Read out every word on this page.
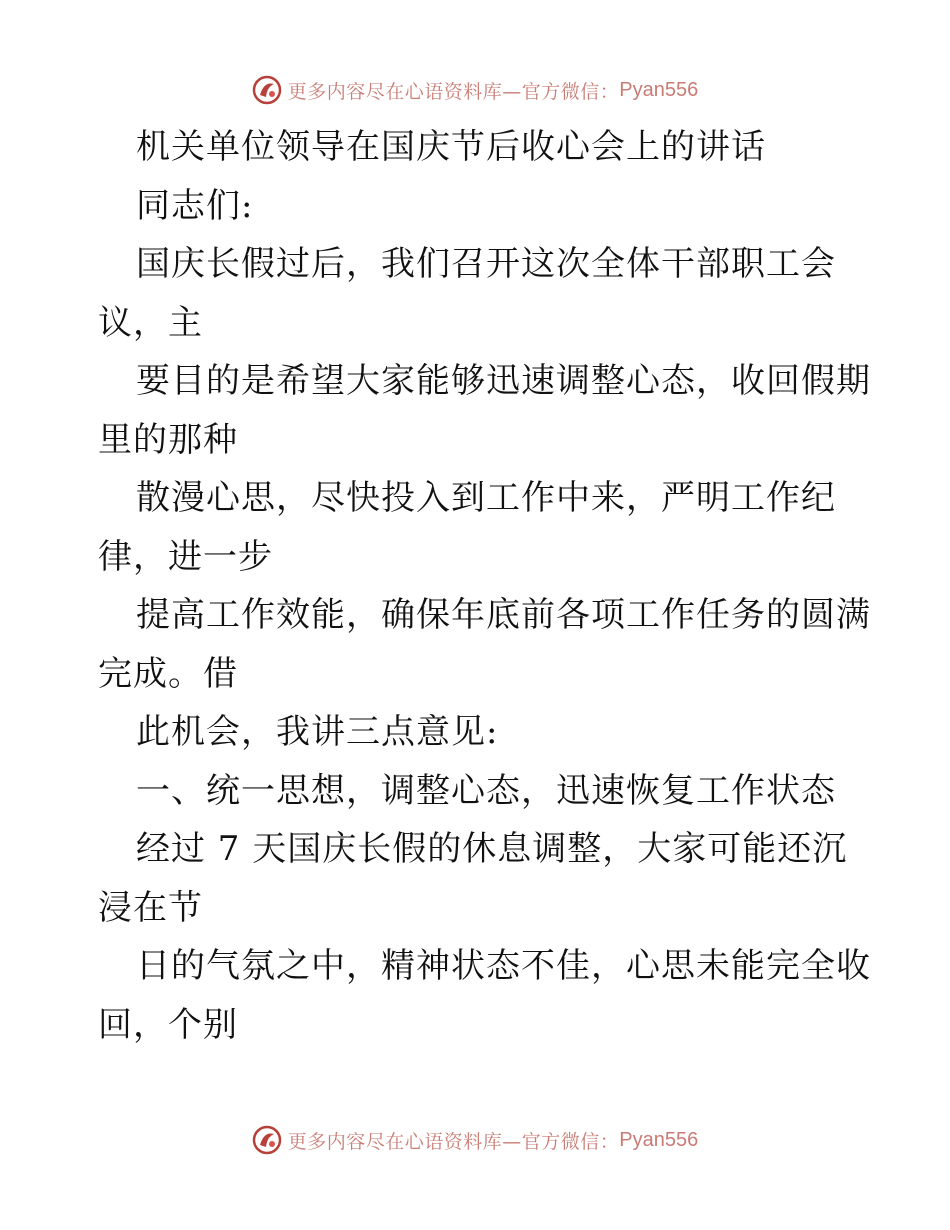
更多内容尽在心语资料库—官方微信： Pyan556
机关单位领导在国庆节后收心会上的讲话
同志们:
国庆长假过后，我们召开这次全体干部职工会
议，主
要目的是希望大家能够迅速调整心态，收回假期
里的那种
散漫心思，尽快投入到工作中来，严明工作纪
律，进一步
提高工作效能，确保年底前各项工作任务的圆满
完成。借
此机会，我讲三点意见:
一、统一思想，调整心态，迅速恢复工作状态
经过 7 天国庆长假的休息调整，大家可能还沉
浸在节
日的气氛之中，精神状态不佳，心思未能完全收
回，个别
更多内容尽在心语资料库—官方微信： Pyan556
